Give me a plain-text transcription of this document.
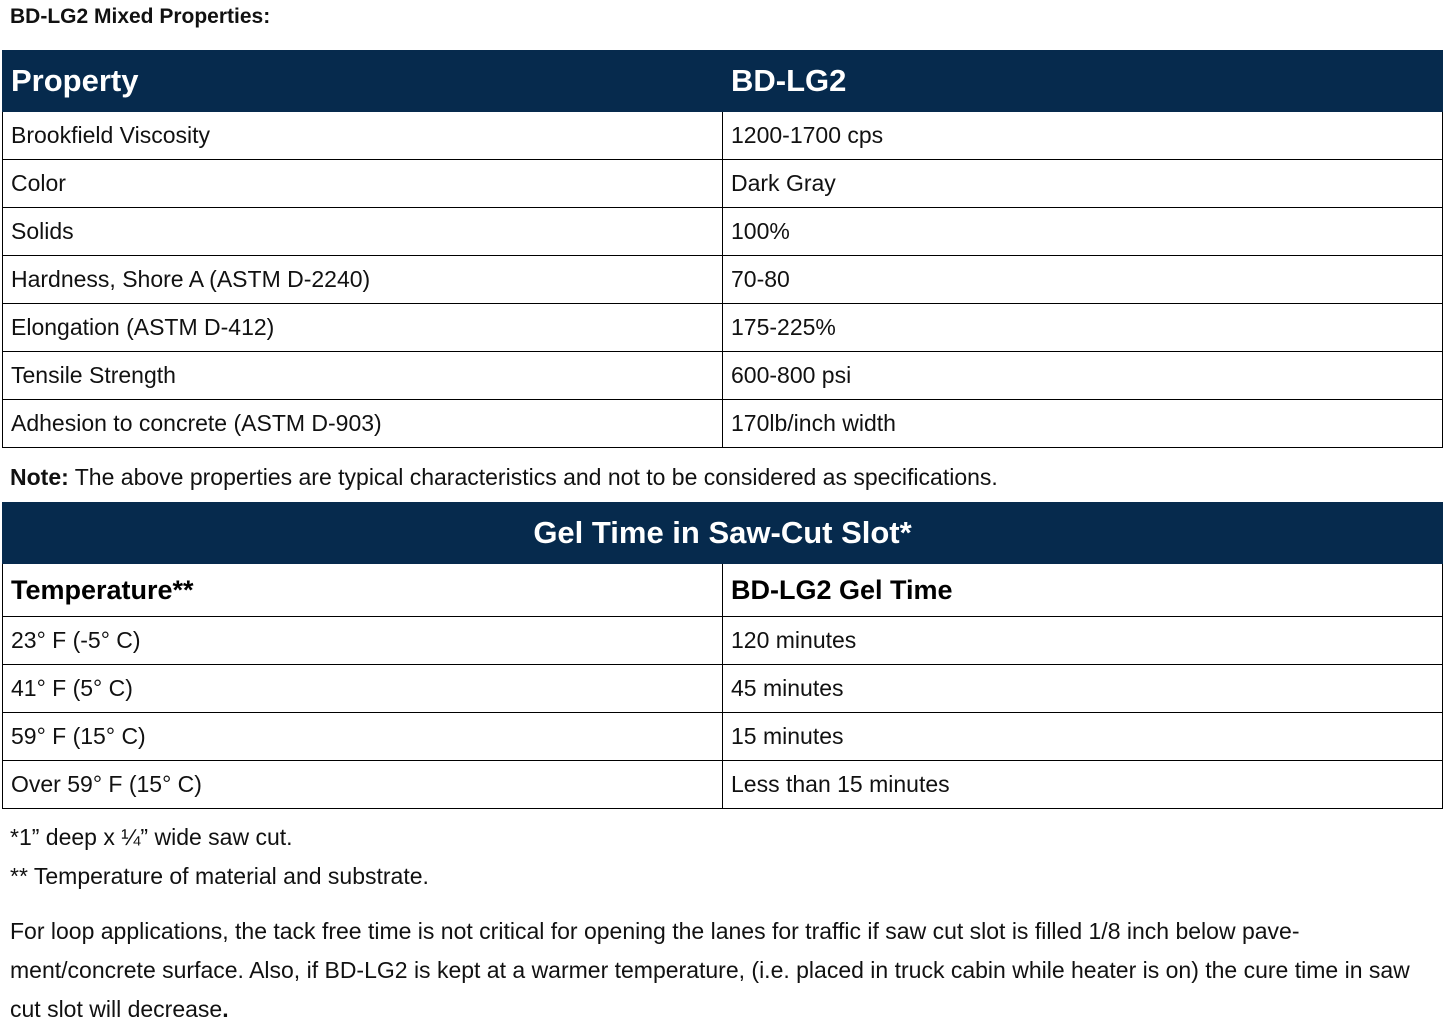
BD-LG2 Mixed Properties:
Property	BD-LG2
Brookfield Viscosity	1200-1700 cps
Color	Dark Gray
Solids	100%
Hardness, Shore A (ASTM D-2240)	70-80
Elongation (ASTM D-412)	175-225%
Tensile Strength	600-800 psi
Adhesion to concrete (ASTM D-903)	170lb/inch width
Note: The above properties are typical characteristics and not to be considered as specifications.
Gel Time in Saw-Cut Slot*	
Temperature**	BD-LG2 Gel Time
23° F (-5° C)	120 minutes
41° F (5° C)	45 minutes
59° F (15° C)	15 minutes
Over 59° F (15° C)	Less than 15 minutes

*1” deep x ¼” wide saw cut.

** Temperature of material and substrate.

For loop applications, the tack free time is not critical for opening the lanes for traffic if saw cut slot is filled 1/8 inch below pave-ment/concrete surface. Also, if BD-LG2 is kept at a warmer temperature, (i.e. placed in truck cabin while heater is on) the cure time in saw cut slot will decrease.
